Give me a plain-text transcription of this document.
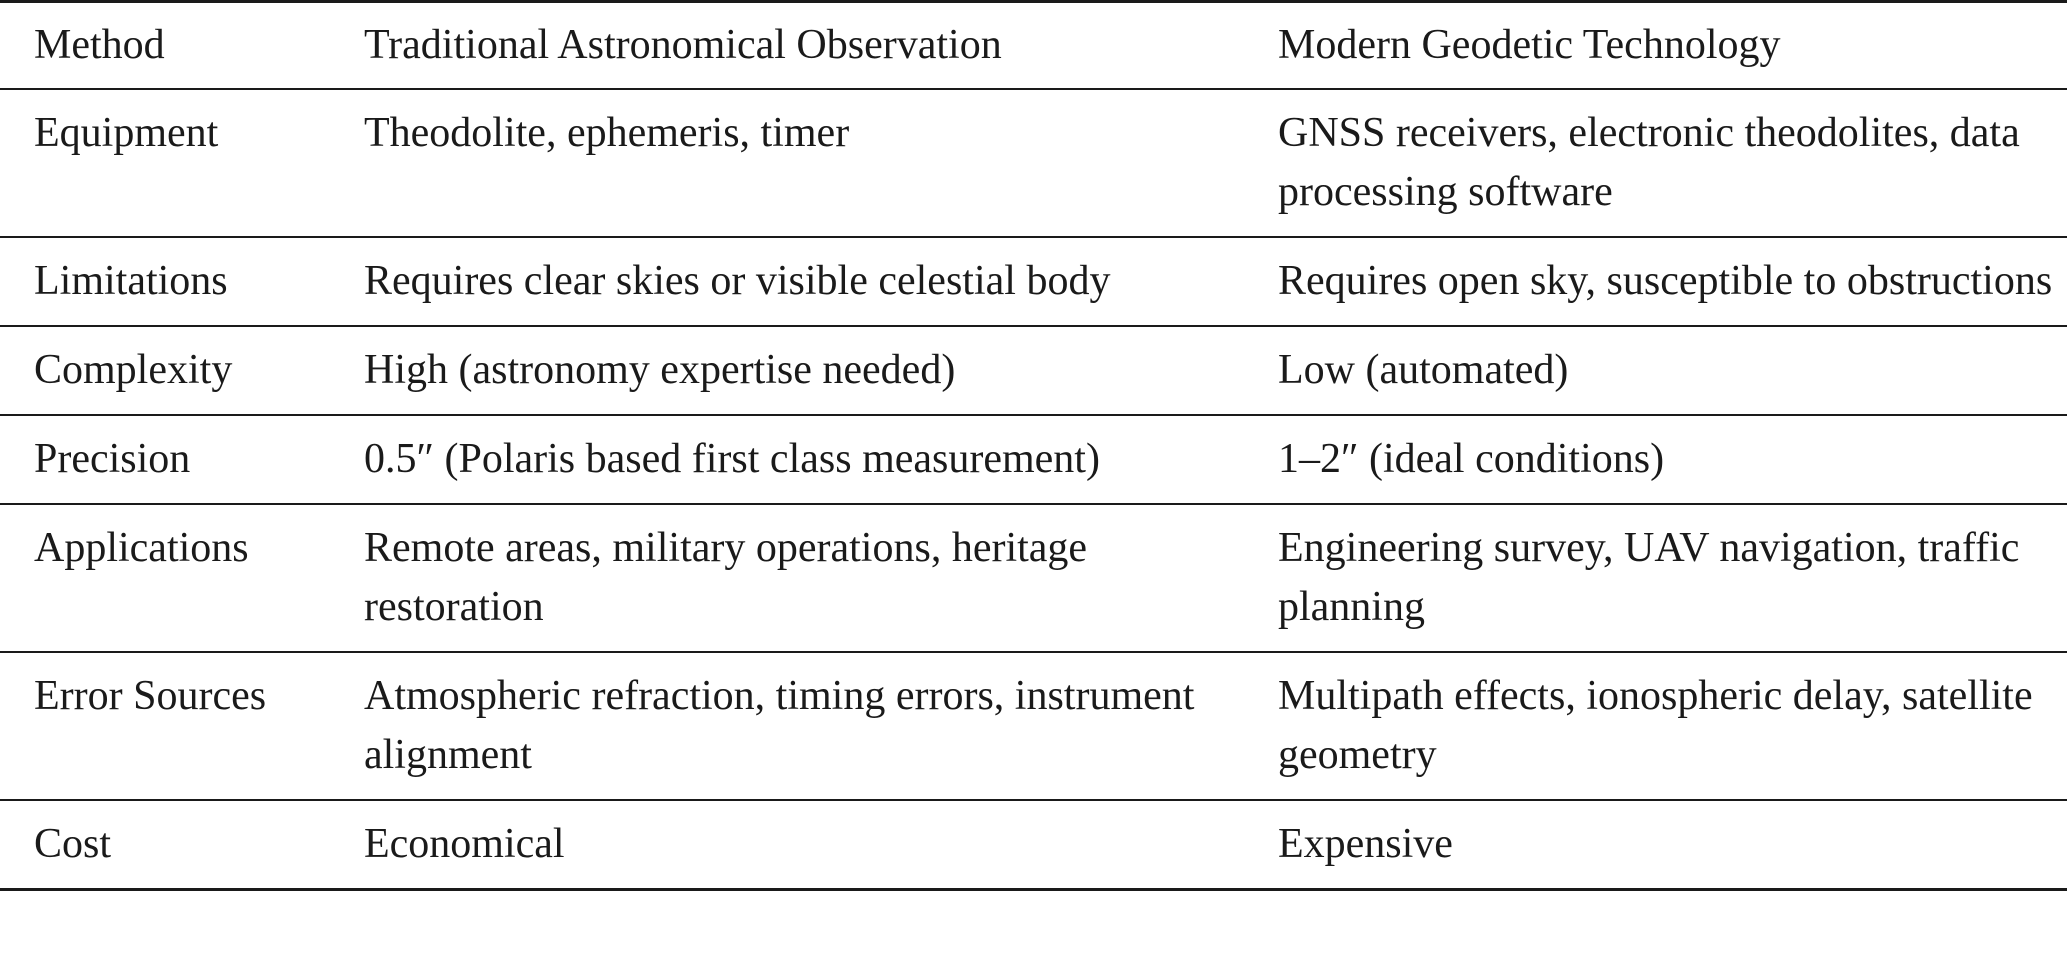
Method	Traditional Astronomical Observation	Modern Geodetic Technology
Equipment	Theodolite, ephemeris, timer	GNSS receivers, electronic theodolites, data processing software
Limitations	Requires clear skies or visible celestial body	Requires open sky, susceptible to obstructions
Complexity	High (astronomy expertise needed)	Low (automated)
Precision	0.5″ (Polaris based first class measurement)	1–2″ (ideal conditions)
Applications	Remote areas, military operations, heritage restoration	Engineering survey, UAV navigation, traffic planning
Error Sources	Atmospheric refraction, timing errors, instrument alignment	Multipath effects, ionospheric delay, satellite geometry
Cost	Economical	Expensive
